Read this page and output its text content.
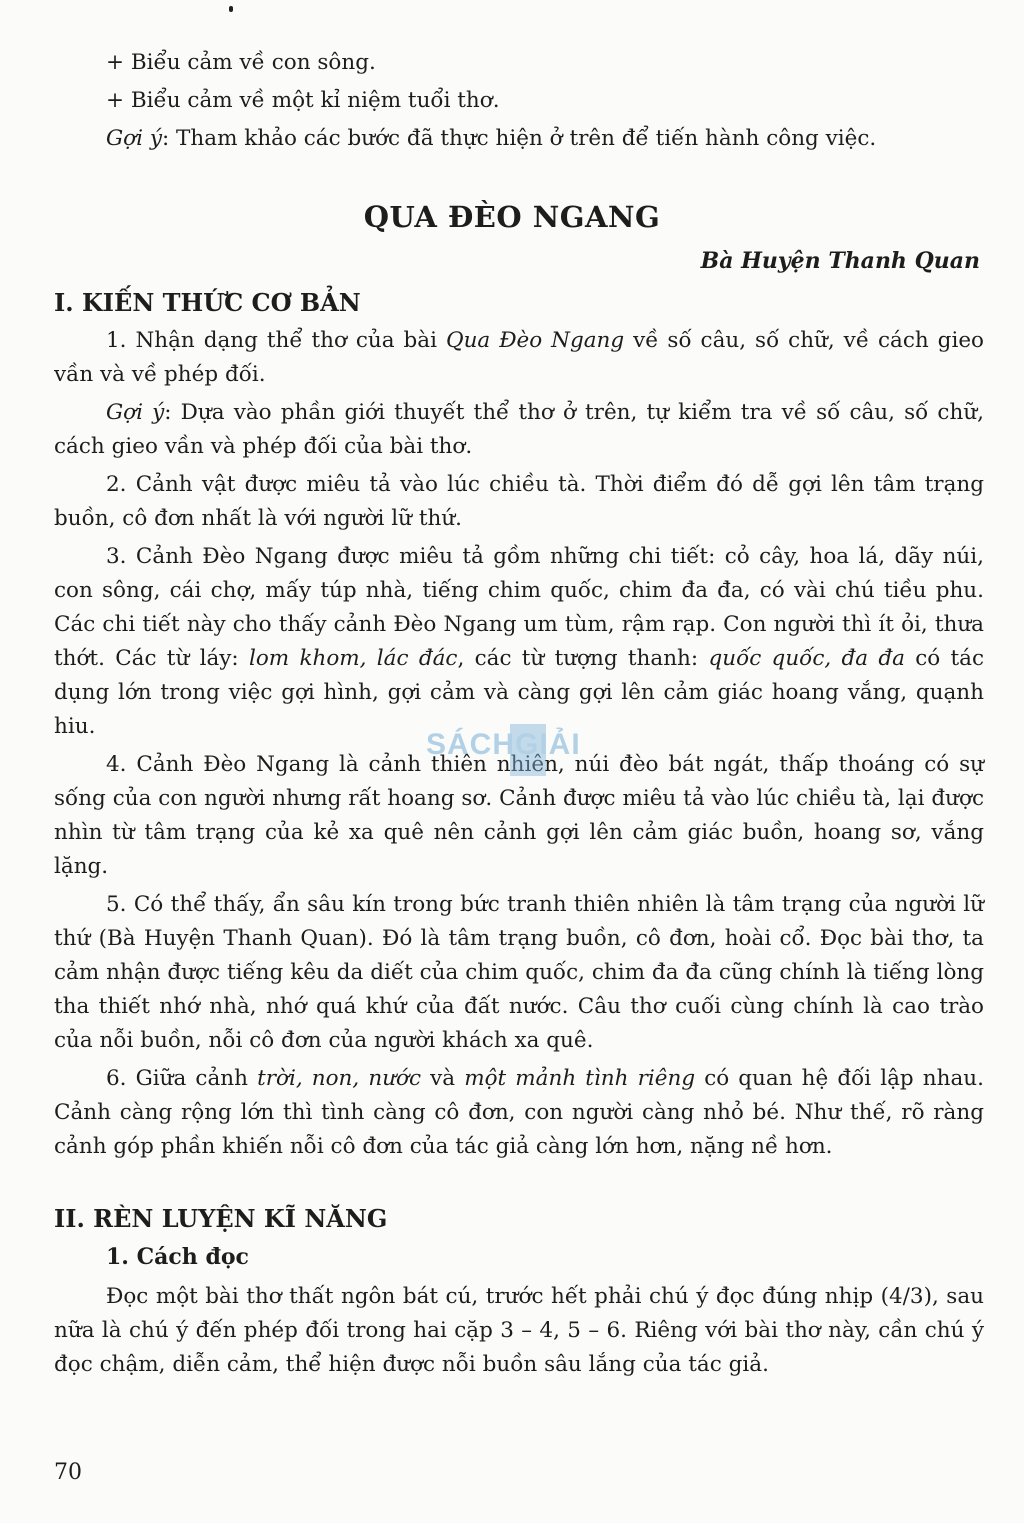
+ Biểu cảm về con sông.
+ Biểu cảm về một kỉ niệm tuổi thơ.
Gợi ý: Tham khảo các bước đã thực hiện ở trên để tiến hành công việc.
QUA ĐÈO NGANG
Bà Huyện Thanh Quan
I. KIẾN THỨC CƠ BẢN

1. Nhận dạng thể thơ của bài Qua Đèo Ngang về số câu, số chữ, về cách gieo vần và về phép đối.

Gợi ý: Dựa vào phần giới thuyết thể thơ ở trên, tự kiểm tra về số câu, số chữ, cách gieo vần và phép đối của bài thơ.

2. Cảnh vật được miêu tả vào lúc chiều tà. Thời điểm đó dễ gợi lên tâm trạng buồn, cô đơn nhất là với người lữ thứ.

3. Cảnh Đèo Ngang được miêu tả gồm những chi tiết: cỏ cây, hoa lá, dãy núi, con sông, cái chợ, mấy túp nhà, tiếng chim quốc, chim đa đa, có vài chú tiều phu. Các chi tiết này cho thấy cảnh Đèo Ngang um tùm, rậm rạp. Con người thì ít ỏi, thưa thớt. Các từ láy: lom khom, lác đác, các từ tượng thanh: quốc quốc, đa đa có tác dụng lớn trong việc gợi hình, gợi cảm và càng gợi lên cảm giác hoang vắng, quạnh hiu.

4. Cảnh Đèo Ngang là cảnh thiên nhiên, núi đèo bát ngát, thấp thoáng có sự sống của con người nhưng rất hoang sơ. Cảnh được miêu tả vào lúc chiều tà, lại được nhìn từ tâm trạng của kẻ xa quê nên cảnh gợi lên cảm giác buồn, hoang sơ, vắng lặng.

5. Có thể thấy, ẩn sâu kín trong bức tranh thiên nhiên là tâm trạng của người lữ thứ (Bà Huyện Thanh Quan). Đó là tâm trạng buồn, cô đơn, hoài cổ. Đọc bài thơ, ta cảm nhận được tiếng kêu da diết của chim quốc, chim đa đa cũng chính là tiếng lòng tha thiết nhớ nhà, nhớ quá khứ của đất nước. Câu thơ cuối cùng chính là cao trào của nỗi buồn, nỗi cô đơn của người khách xa quê.

6. Giữa cảnh trời, non, nước và một mảnh tình riêng có quan hệ đối lập nhau. Cảnh càng rộng lớn thì tình càng cô đơn, con người càng nhỏ bé. Như thế, rõ ràng cảnh góp phần khiến nỗi cô đơn của tác giả càng lớn hơn, nặng nề hơn.

II. RÈN LUYỆN KĨ NĂNG
1. Cách đọc

Đọc một bài thơ thất ngôn bát cú, trước hết phải chú ý đọc đúng nhịp (4/3), sau nữa là chú ý đến phép đối trong hai cặp 3 – 4, 5 – 6. Riêng với bài thơ này, cần chú ý đọc chậm, diễn cảm, thể hiện được nỗi buồn sâu lắng của tác giả.

SÁCHGIẢI
70
